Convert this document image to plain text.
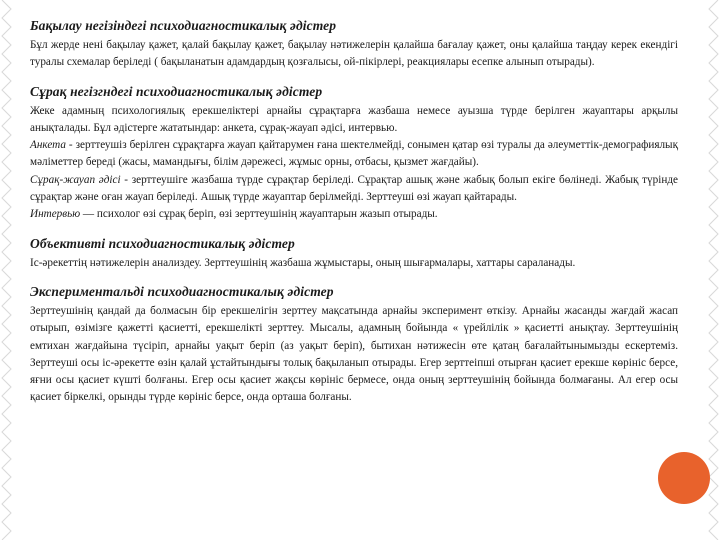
Бақылау негізіндегі психодиагностикалық әдістер

Бұл жерде нені бақылау қажет, қалай бақылау қажет, бақылау нәтижелерін қалайша бағалау қажет, оны қалайша таңдау керек екендігі туралы схемалар беріледі ( бақыланатын адамдардың қозғалысы, ой-пікірлері, реакциялары есепке алынып отырады).

Сұрақ негізгндегі психодиагностикалық әдістер

Жеке адамның психологиялық ерекшеліктері арнайы сұрақтарға жазбаша немесе ауызша түрде берілген жауаптары арқылы анықталады. Бұл әдістерге жататындар: анкета, сұрақ-жауап әдісі, интервью.

Анкета - зерттеушіз берілген сұрақтарға жауап қайтарумен ғана шектелмейді, сонымен қатар өзі туралы да әлеуметтік-демографиялық мәліметтер береді (жасы, мамандығы, білім дәрежесі, жұмыс орны, отбасы, қызмет жағдайы).

Сұрақ-жауап әдісі - зерттеушіге жазбаша түрде сұрақтар беріледі. Сұрақтар ашық және жабық болып екіге бөлінеді. Жабық түрінде сұрақтар және оған жауап беріледі. Ашық түрде жауаптар берілмейді. Зерттеуші өзі жауап қайтарады.

Интервью — психолог өзі сұрақ беріп, өзі зерттеушінің жауаптарын жазып отырады.

Объективті психодиагностикалық әдістер

Іс-әрекеттің нәтижелерін анализдеу. Зерттеушінің жазбаша жұмыстары, оның шығармалары, хаттары сараланады.

Экспериментальді психодиагностикалық әдістер

Зерттеушінің қандай да болмасын бір ерекшелігін зерттеу мақсатында арнайы эксперимент өткізу. Арнайы жасанды жағдай жасап отырып, өзімізге қажетті қасиетті, ерекшелікті зерттеу. Мысалы, адамның бойында « үрейлілік » қасиетті анықтау. Зерттеушінің емтихан жағдайына түсіріп, арнайы уақыт беріп (аз уақыт беріп), бытихан нәтижесін өте қатаң бағалайтынымызды ескертеміз. Зерттеуші осы іс-әрекетте өзін қалай ұстайтындығы толық бақыланып отырады. Егер зерттеіпші отырған қасиет ерекше көрініс берсе, яғни осы қасиет күшті болғаны. Егер осы қасиет жақсы көрініс бермесе, онда оның зерттеушінің бойында болмағаны. Ал егер осы қасиет біркелкі, орынды түрде көрініс берсе, онда орташа болғаны.
